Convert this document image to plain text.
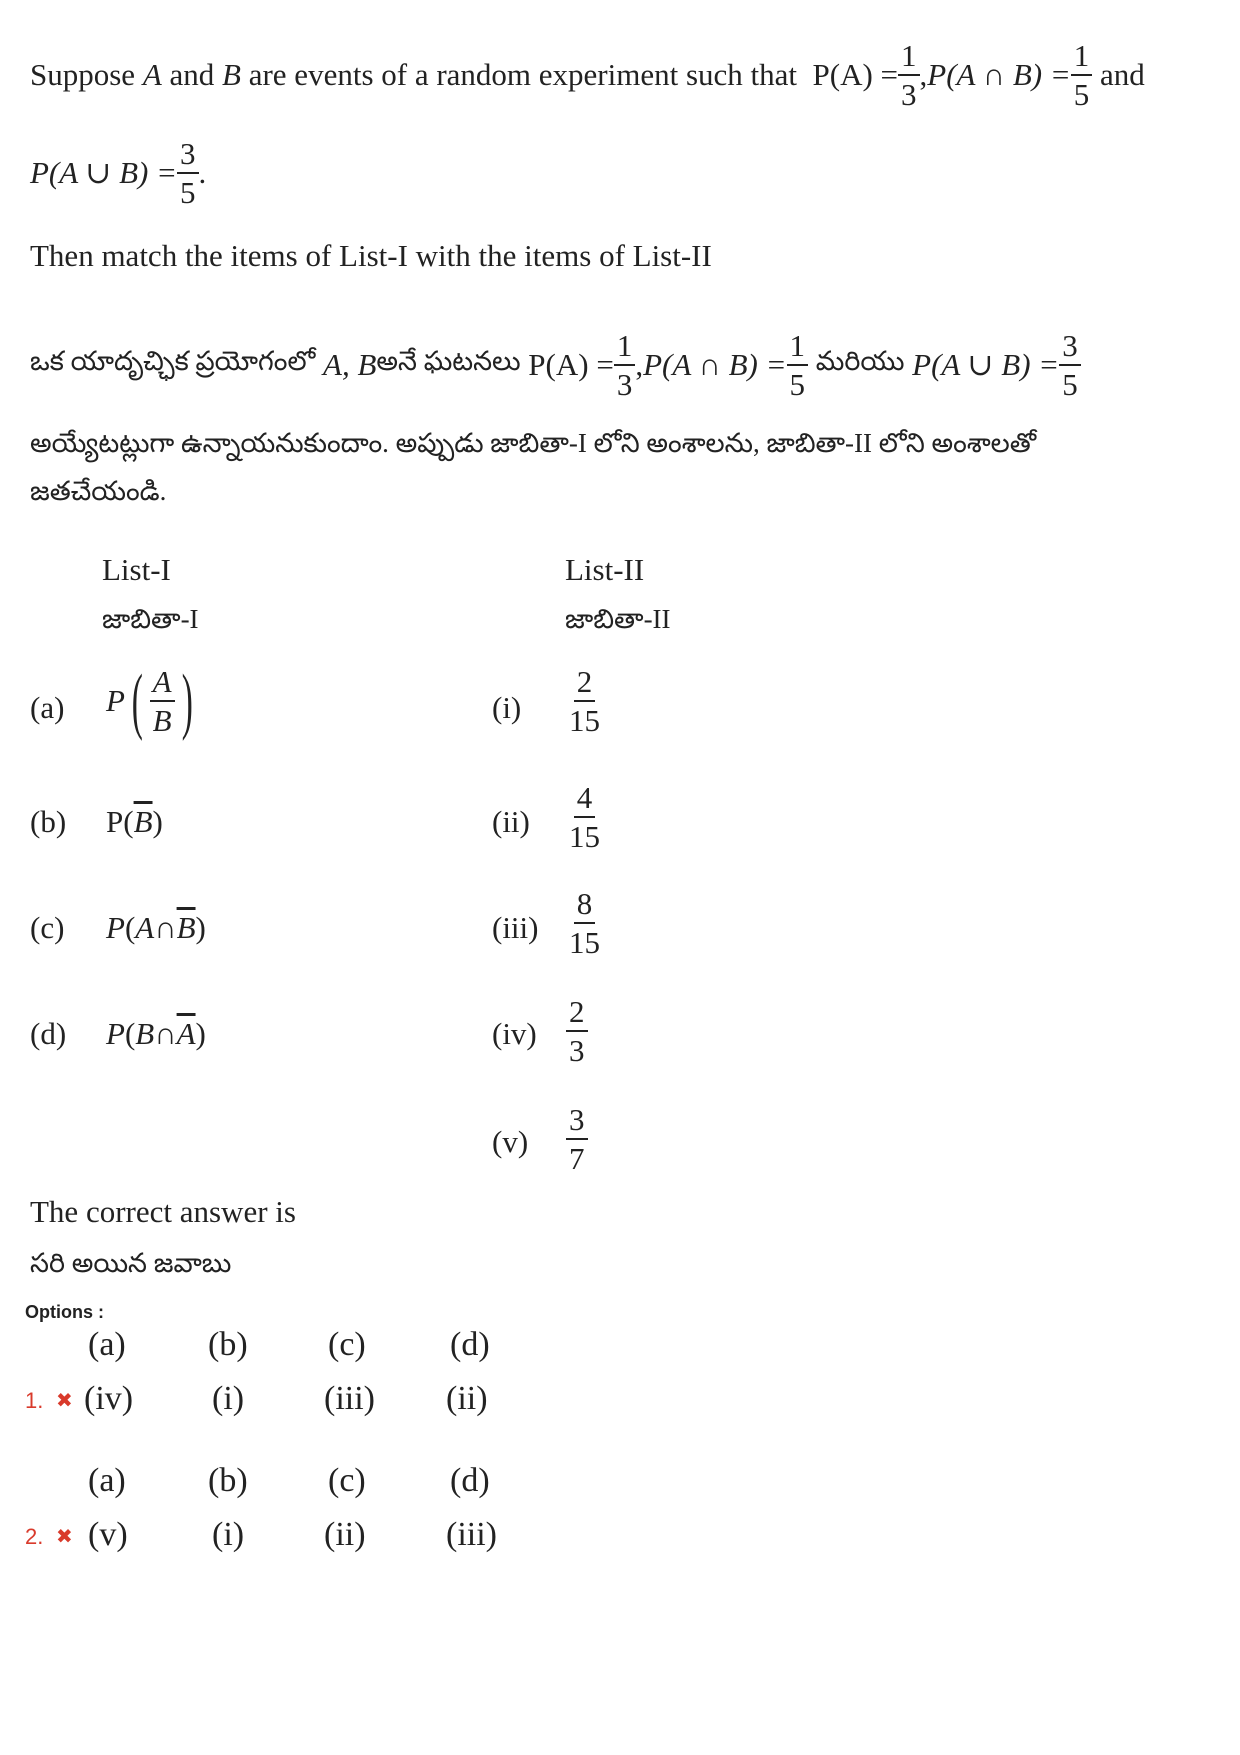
Suppose
A
and
B
are events of a random experiment such that
$P(A) = \frac{1}{3}$ , P(A ∩ $B) = \frac{1}{5}$
and
P(A ∪ $B) = \frac{3}{5}$ .
Then match the items of List-I with the items of List-II
ఒక యాదృచ్ఛిక ప్రయోగంలో
A, B అనే ఘటనలు
$P(A) = \frac{1}{3}$ , P(A ∩ $B) = \frac{1}{5}$
మరియు
P(A ∪ $B) = \frac{3}{5}$
అయ్యేటట్లుగా ఉన్నాయనుకుందాం. అప్పుడు జాబితా-I లోని అంశాలను, జాబితా-II లోని అంశాలతో
జతచేయండి.
List-I
జాబితా-I
List-II
జాబితా-II
(a) P ( $\frac{A}{B}$ )
(b) $P(\overline{B})$
(c) $P(A\cap\overline{B})$
(d) $P(B\cap\overline{A})$
$(i) \frac{2}{15}$
$(ii) \frac{4}{15}$
$(iii) \frac{8}{15}$
$(iv) \frac{2}{3}$
$(v) \frac{3}{7}$
The correct answer is
సరి అయిన జవాబు
Options :
(a) (b) (c) (d)
1. ✖ (iv) (i) (iii) (ii)
(a) (b) (c) (d)
2. ✖ (v) (i) (ii) (iii)
